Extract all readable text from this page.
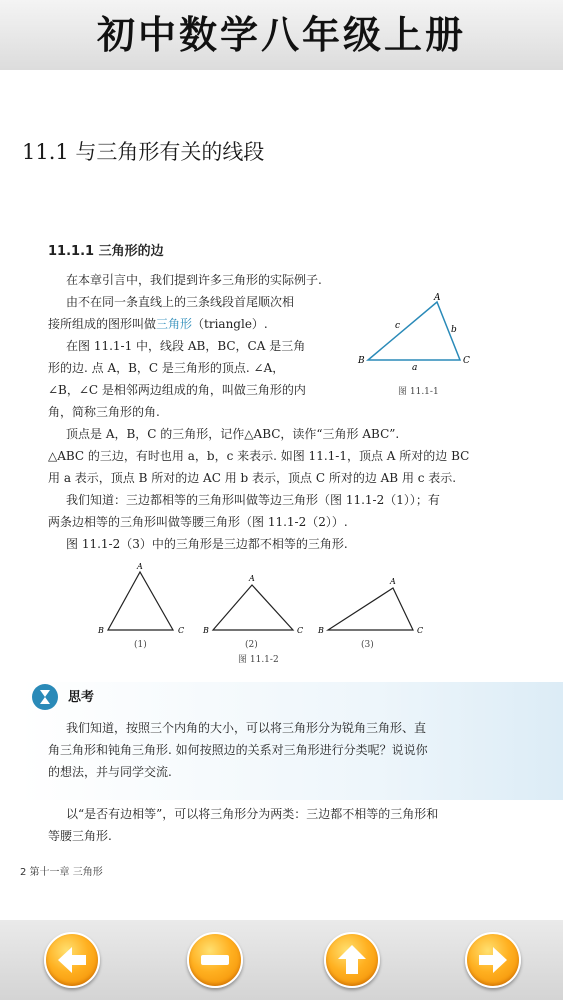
初中数学八年级上册
11.1 与三角形有关的线段
11.1.1 三角形的边
在本章引言中，我们提到许多三角形的实际例子.
由不在同一条直线上的三条线段首尾顺次相
接所组成的图形叫做三角形（triangle）.
在图 11.1-1 中，线段 AB，BC，CA 是三角
形的边. 点 A，B，C 是三角形的顶点. ∠A，
∠B，∠C 是相邻两边组成的角，叫做三角形的内
角，简称三角形的角.
A
B	C
a
b
c
图 11.1-1
顶点是 A，B，C 的三角形，记作△ABC，读作“三角形 ABC”.
△ABC 的三边，有时也用 a，b，c 来表示. 如图 11.1-1，顶点 A 所对的边 BC
用 a 表示，顶点 B 所对的边 AC 用 b 表示，顶点 C 所对的边 AB 用 c 表示.
我们知道：三边都相等的三角形叫做等边三角形（图 11.1-2（1））；有
两条边相等的三角形叫做等腰三角形（图 11.1-2（2））.
图 11.1-2（3）中的三角形是三边都不相等的三角形.
A
B	C
A
B	C
A
B	C
(1)	(2)	(3)
图 11.1-2
思考
我们知道，按照三个内角的大小，可以将三角形分为锐角三角形、直
角三角形和钝角三角形. 如何按照边的关系对三角形进行分类呢？说说你
的想法，并与同学交流.
以“是否有边相等”，可以将三角形分为两类：三边都不相等的三角形和
等腰三角形.
2 第十一章 三角形
